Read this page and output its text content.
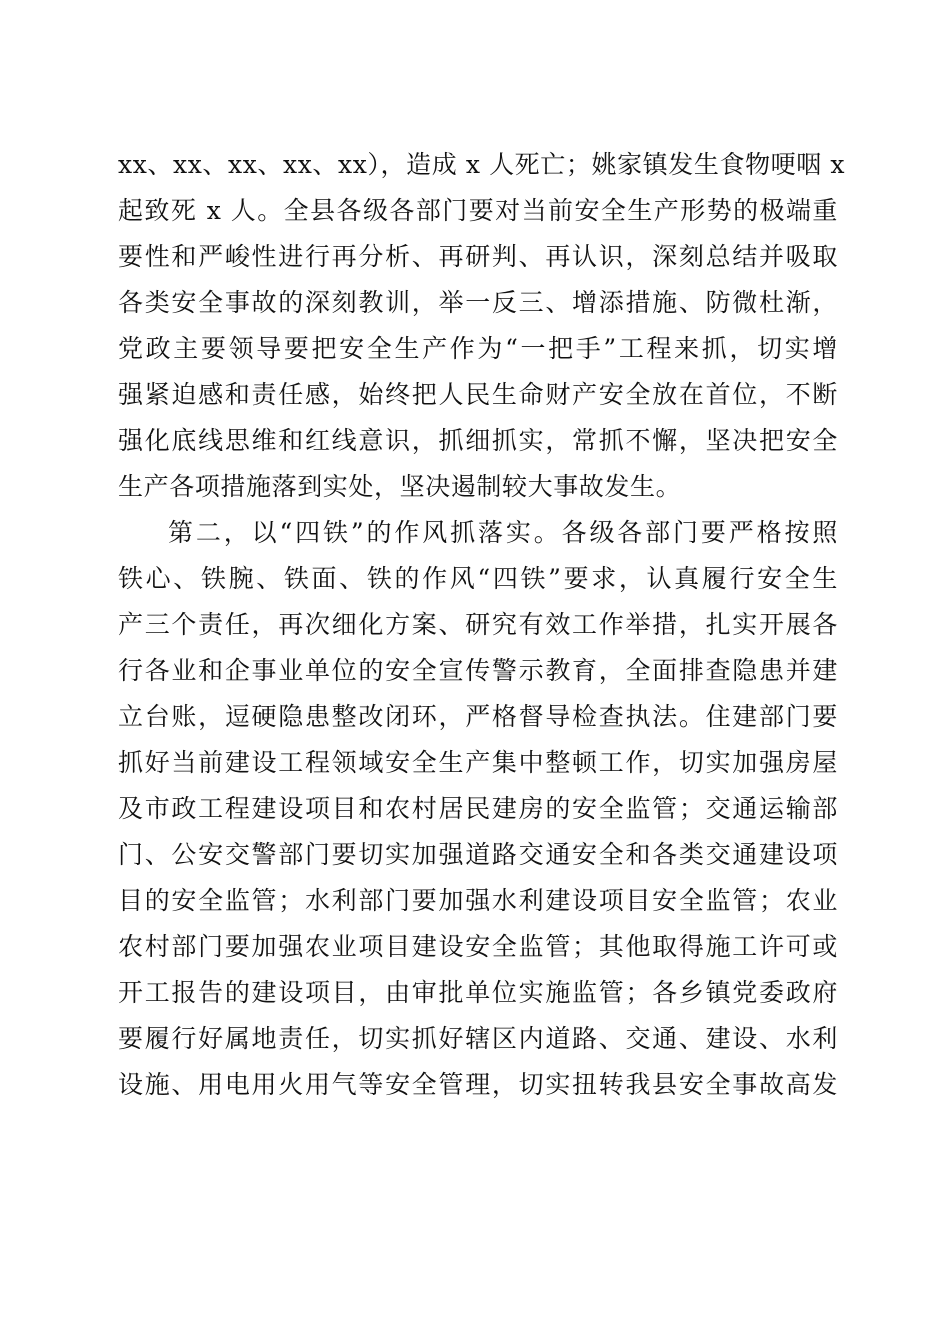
xx、xx、xx、xx、xx），造成 x 人死亡；姚家镇发生食物哽咽 x
起致死 x 人。全县各级各部门要对当前安全生产形势的极端重
要性和严峻性进行再分析、再研判、再认识，深刻总结并吸取
各类安全事故的深刻教训，举一反三、增添措施、防微杜渐，
党政主要领导要把安全生产作为“一把手”工程来抓，切实增
强紧迫感和责任感，始终把人民生命财产安全放在首位，不断
强化底线思维和红线意识，抓细抓实，常抓不懈，坚决把安全
生产各项措施落到实处，坚决遏制较大事故发生。
第二，以“四铁”的作风抓落实。各级各部门要严格按照
铁心、铁腕、铁面、铁的作风“四铁”要求，认真履行安全生
产三个责任，再次细化方案、研究有效工作举措，扎实开展各
行各业和企事业单位的安全宣传警示教育，全面排查隐患并建
立台账，逗硬隐患整改闭环，严格督导检查执法。住建部门要
抓好当前建设工程领域安全生产集中整顿工作，切实加强房屋
及市政工程建设项目和农村居民建房的安全监管；交通运输部
门、公安交警部门要切实加强道路交通安全和各类交通建设项
目的安全监管；水利部门要加强水利建设项目安全监管；农业
农村部门要加强农业项目建设安全监管；其他取得施工许可或
开工报告的建设项目，由审批单位实施监管；各乡镇党委政府
要履行好属地责任，切实抓好辖区内道路、交通、建设、水利
设施、用电用火用气等安全管理，切实扭转我县安全事故高发
